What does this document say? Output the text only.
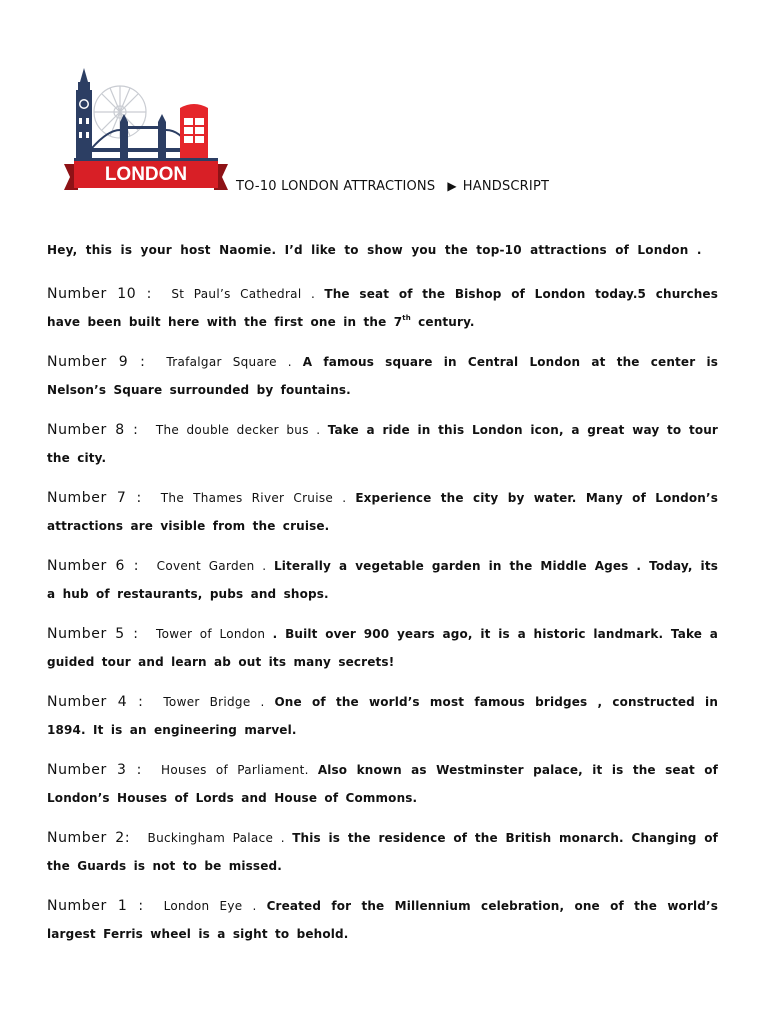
LONDON
TO-10 LONDON ATTRACTIONS ▶ HANDSCRIPT
Hey, this is your host Naomie. I’d like to show you the top-10 attractions of London .
Number 10 : St Paul’s Cathedral . The seat of the Bishop of London today.5 churches have been built here with the first one in the 7th century.
Number 9 : Trafalgar Square . A famous square in Central London at the center is Nelson’s Square surrounded by fountains.
Number 8 : The double decker bus . Take a ride in this London icon, a great way to tour the city.
Number 7 : The Thames River Cruise . Experience the city by water. Many of London’s attractions are visible from the cruise.
Number 6 : Covent Garden . Literally a vegetable garden in the Middle Ages . Today, its a hub of restaurants, pubs and shops.
Number 5 : Tower of London . Built over 900 years ago, it is a historic landmark. Take a guided tour and learn ab out its many secrets!
Number 4 : Tower Bridge . One of the world’s most famous bridges , constructed in 1894. It is an engineering marvel.
Number 3 : Houses of Parliament. Also known as Westminster palace, it is the seat of London’s Houses of Lords and House of Commons.
Number 2: Buckingham Palace . This is the residence of the British monarch. Changing of the Guards is not to be missed.
Number 1 : London Eye . Created for the Millennium celebration, one of the world’s largest Ferris wheel is a sight to behold.
